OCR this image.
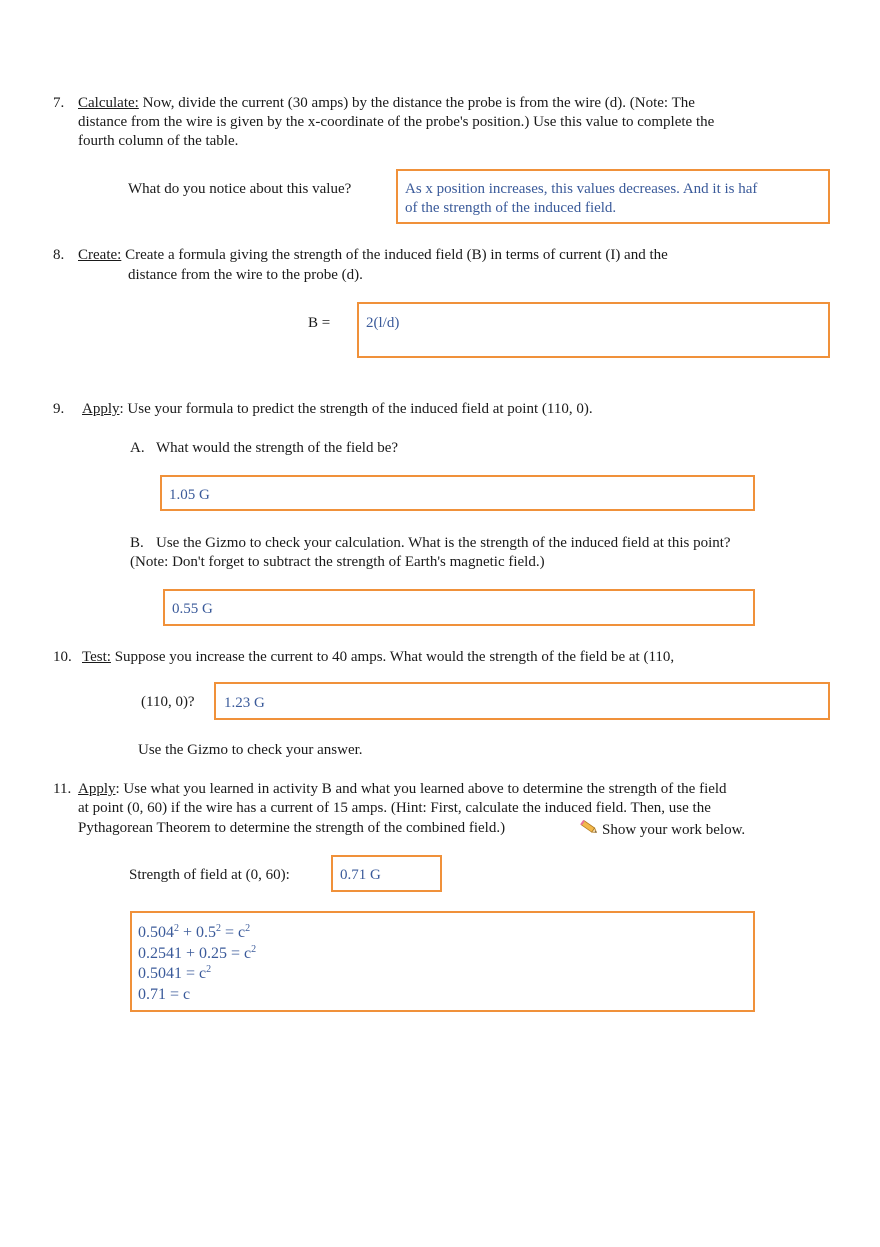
7. Calculate: Now, divide the current (30 amps) by the distance the probe is from the wire (d). (Note: The
distance from the wire is given by the x-coordinate of the probe's position.) Use this value to complete the
fourth column of the table.
What do you notice about this value?	As x position increases, this values decreases. And it is haf
of the strength of the induced field.
8. Create: Create a formula giving the strength of the induced field (B) in terms of current (I) and the
distance from the wire to the probe (d).
B = 2(l/d)
9. Apply: Use your formula to predict the strength of the induced field at point (110, 0).
A. What would the strength of the field be?
1.05 G
B. Use the Gizmo to check your calculation. What is the strength of the induced field at this point?
(Note: Don't forget to subtract the strength of Earth's magnetic field.)
0.55 G
10. Test: Suppose you increase the current to 40 amps. What would the strength of the field be at (110,
(110, 0)? 1.23 G
Use the Gizmo to check your answer.
11. Apply: Use what you learned in activity B and what you learned above to determine the strength of the field
at point (0, 60) if the wire has a current of 15 amps. (Hint: First, calculate the induced field. Then, use the
Pythagorean Theorem to determine the strength of the combined field.)	Show your work below.
Strength of field at (0, 60):	0.71 G
$0.504^2 + 0.5^2 = c^2$
$0.2541 + 0.25 = c^2$
$0.5041 = c^2$
0.71 = c
